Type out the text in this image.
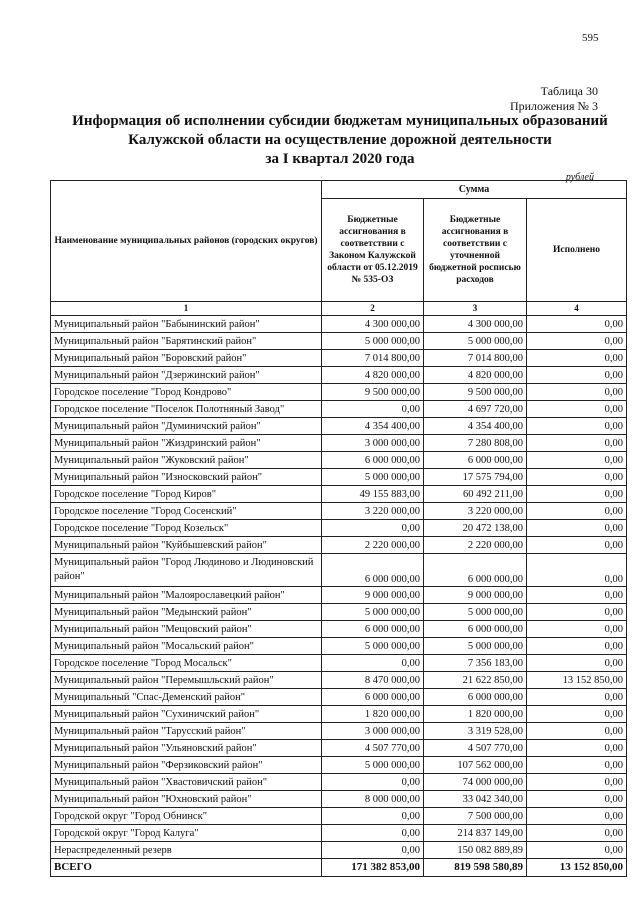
595
Таблица 30
Приложения № 3
Информация об исполнении субсидии бюджетам муниципальных образований
Калужской области на осуществление дорожной деятельности
за I квартал 2020 года
рублей
Наименование муниципальных районов (городских округов)	Сумма		
	Бюджетные ассигнования в соответствии с Законом Калужской области от 05.12.2019 № 535-ОЗ	Бюджетные ассигнования в соответствии с уточненной бюджетной росписью расходов	Исполнено
1	2	3	4
Муниципальный район "Бабынинский район"	4 300 000,00	4 300 000,00	0,00
Муниципальный район "Барятинский район"	5 000 000,00	5 000 000,00	0,00
Муниципальный район "Боровский район"	7 014 800,00	7 014 800,00	0,00
Муниципальный район "Дзержинский район"	4 820 000,00	4 820 000,00	0,00
Городское поселение "Город Кондрово"	9 500 000,00	9 500 000,00	0,00
Городское поселение "Поселок Полотняный Завод"	0,00	4 697 720,00	0,00
Муниципальный район "Думиничский район"	4 354 400,00	4 354 400,00	0,00
Муниципальный район "Жиздринский район"	3 000 000,00	7 280 808,00	0,00
Муниципальный район "Жуковский район"	6 000 000,00	6 000 000,00	0,00
Муниципальный район "Износковский район"	5 000 000,00	17 575 794,00	0,00
Городское поселение "Город Киров"	49 155 883,00	60 492 211,00	0,00
Городское поселение "Город Сосенский"	3 220 000,00	3 220 000,00	0,00
Городское поселение "Город Козельск"	0,00	20 472 138,00	0,00
Муниципальный район "Куйбышевский район"	2 220 000,00	2 220 000,00	0,00
Муниципальный район "Город Людиново и Людиновский район"	6 000 000,00	6 000 000,00	0,00
Муниципальный район "Малоярославецкий район"	9 000 000,00	9 000 000,00	0,00
Муниципальный район "Медынский район"	5 000 000,00	5 000 000,00	0,00
Муниципальный район "Мещовский район"	6 000 000,00	6 000 000,00	0,00
Муниципальный район "Мосальский район"	5 000 000,00	5 000 000,00	0,00
Городское поселение "Город Мосальск"	0,00	7 356 183,00	0,00
Муниципальный район "Перемышльский район"	8 470 000,00	21 622 850,00	13 152 850,00
Муниципальный "Спас-Деменский район"	6 000 000,00	6 000 000,00	0,00
Муниципальный район "Сухиничский район"	1 820 000,00	1 820 000,00	0,00
Муниципальный район "Тарусский район"	3 000 000,00	3 319 528,00	0,00
Муниципальный район "Ульяновский район"	4 507 770,00	4 507 770,00	0,00
Муниципальный район "Ферзиковский район"	5 000 000,00	107 562 000,00	0,00
Муниципальный район "Хвастовичский район"	0,00	74 000 000,00	0,00
Муниципальный район "Юхновский район"	8 000 000,00	33 042 340,00	0,00
Городской округ "Город Обнинск"	0,00	7 500 000,00	0,00
Городской округ "Город Калуга"	0,00	214 837 149,00	0,00
Нераспределенный резерв	0,00	150 082 889,89	0,00
ВСЕГО	171 382 853,00	819 598 580,89	13 152 850,00
